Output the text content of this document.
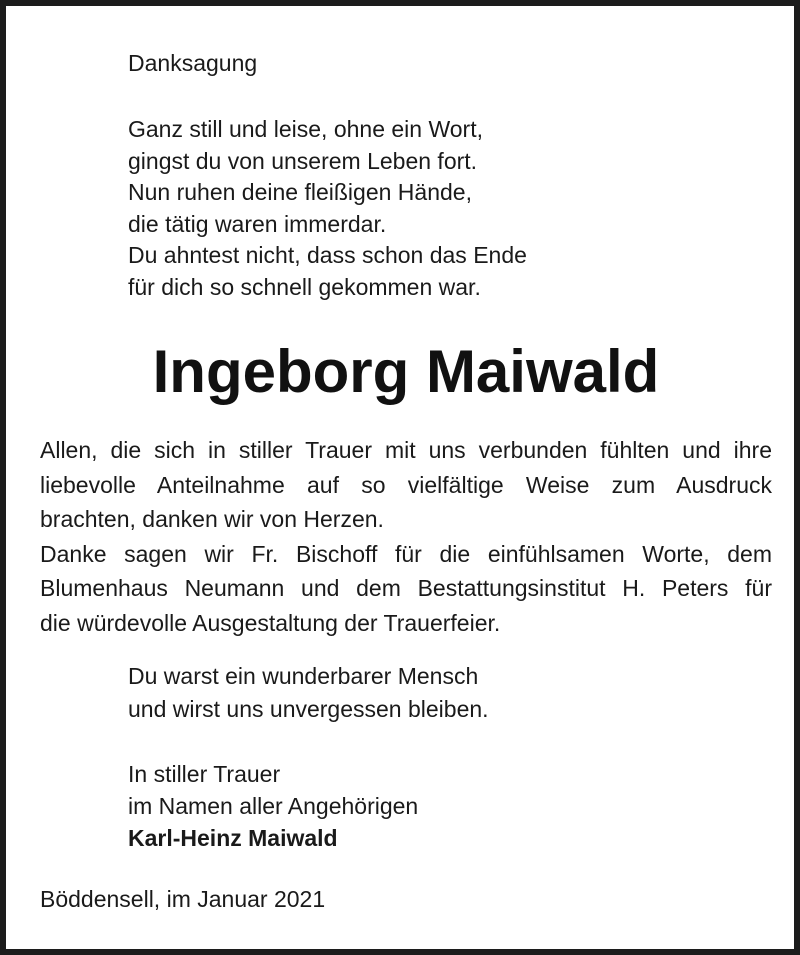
Danksagung
Ganz still und leise, ohne ein Wort,
gingst du von unserem Leben fort.
Nun ruhen deine fleißigen Hände,
die tätig waren immerdar.
Du ahntest nicht, dass schon das Ende
für dich so schnell gekommen war.
Ingeborg Maiwald
Allen, die sich in stiller Trauer mit uns verbunden fühlten und ihre
liebevolle Anteilnahme auf so vielfältige Weise zum Ausdruck
brachten, danken wir von Herzen.
Danke sagen wir Fr. Bischoff für die einfühlsamen Worte, dem
Blumenhaus Neumann und dem Bestattungsinstitut H. Peters für
die würdevolle Ausgestaltung der Trauerfeier.
Du warst ein wunderbarer Mensch
und wirst uns unvergessen bleiben.
In stiller Trauer
im Namen aller Angehörigen
Karl-Heinz Maiwald
Böddensell, im Januar 2021
